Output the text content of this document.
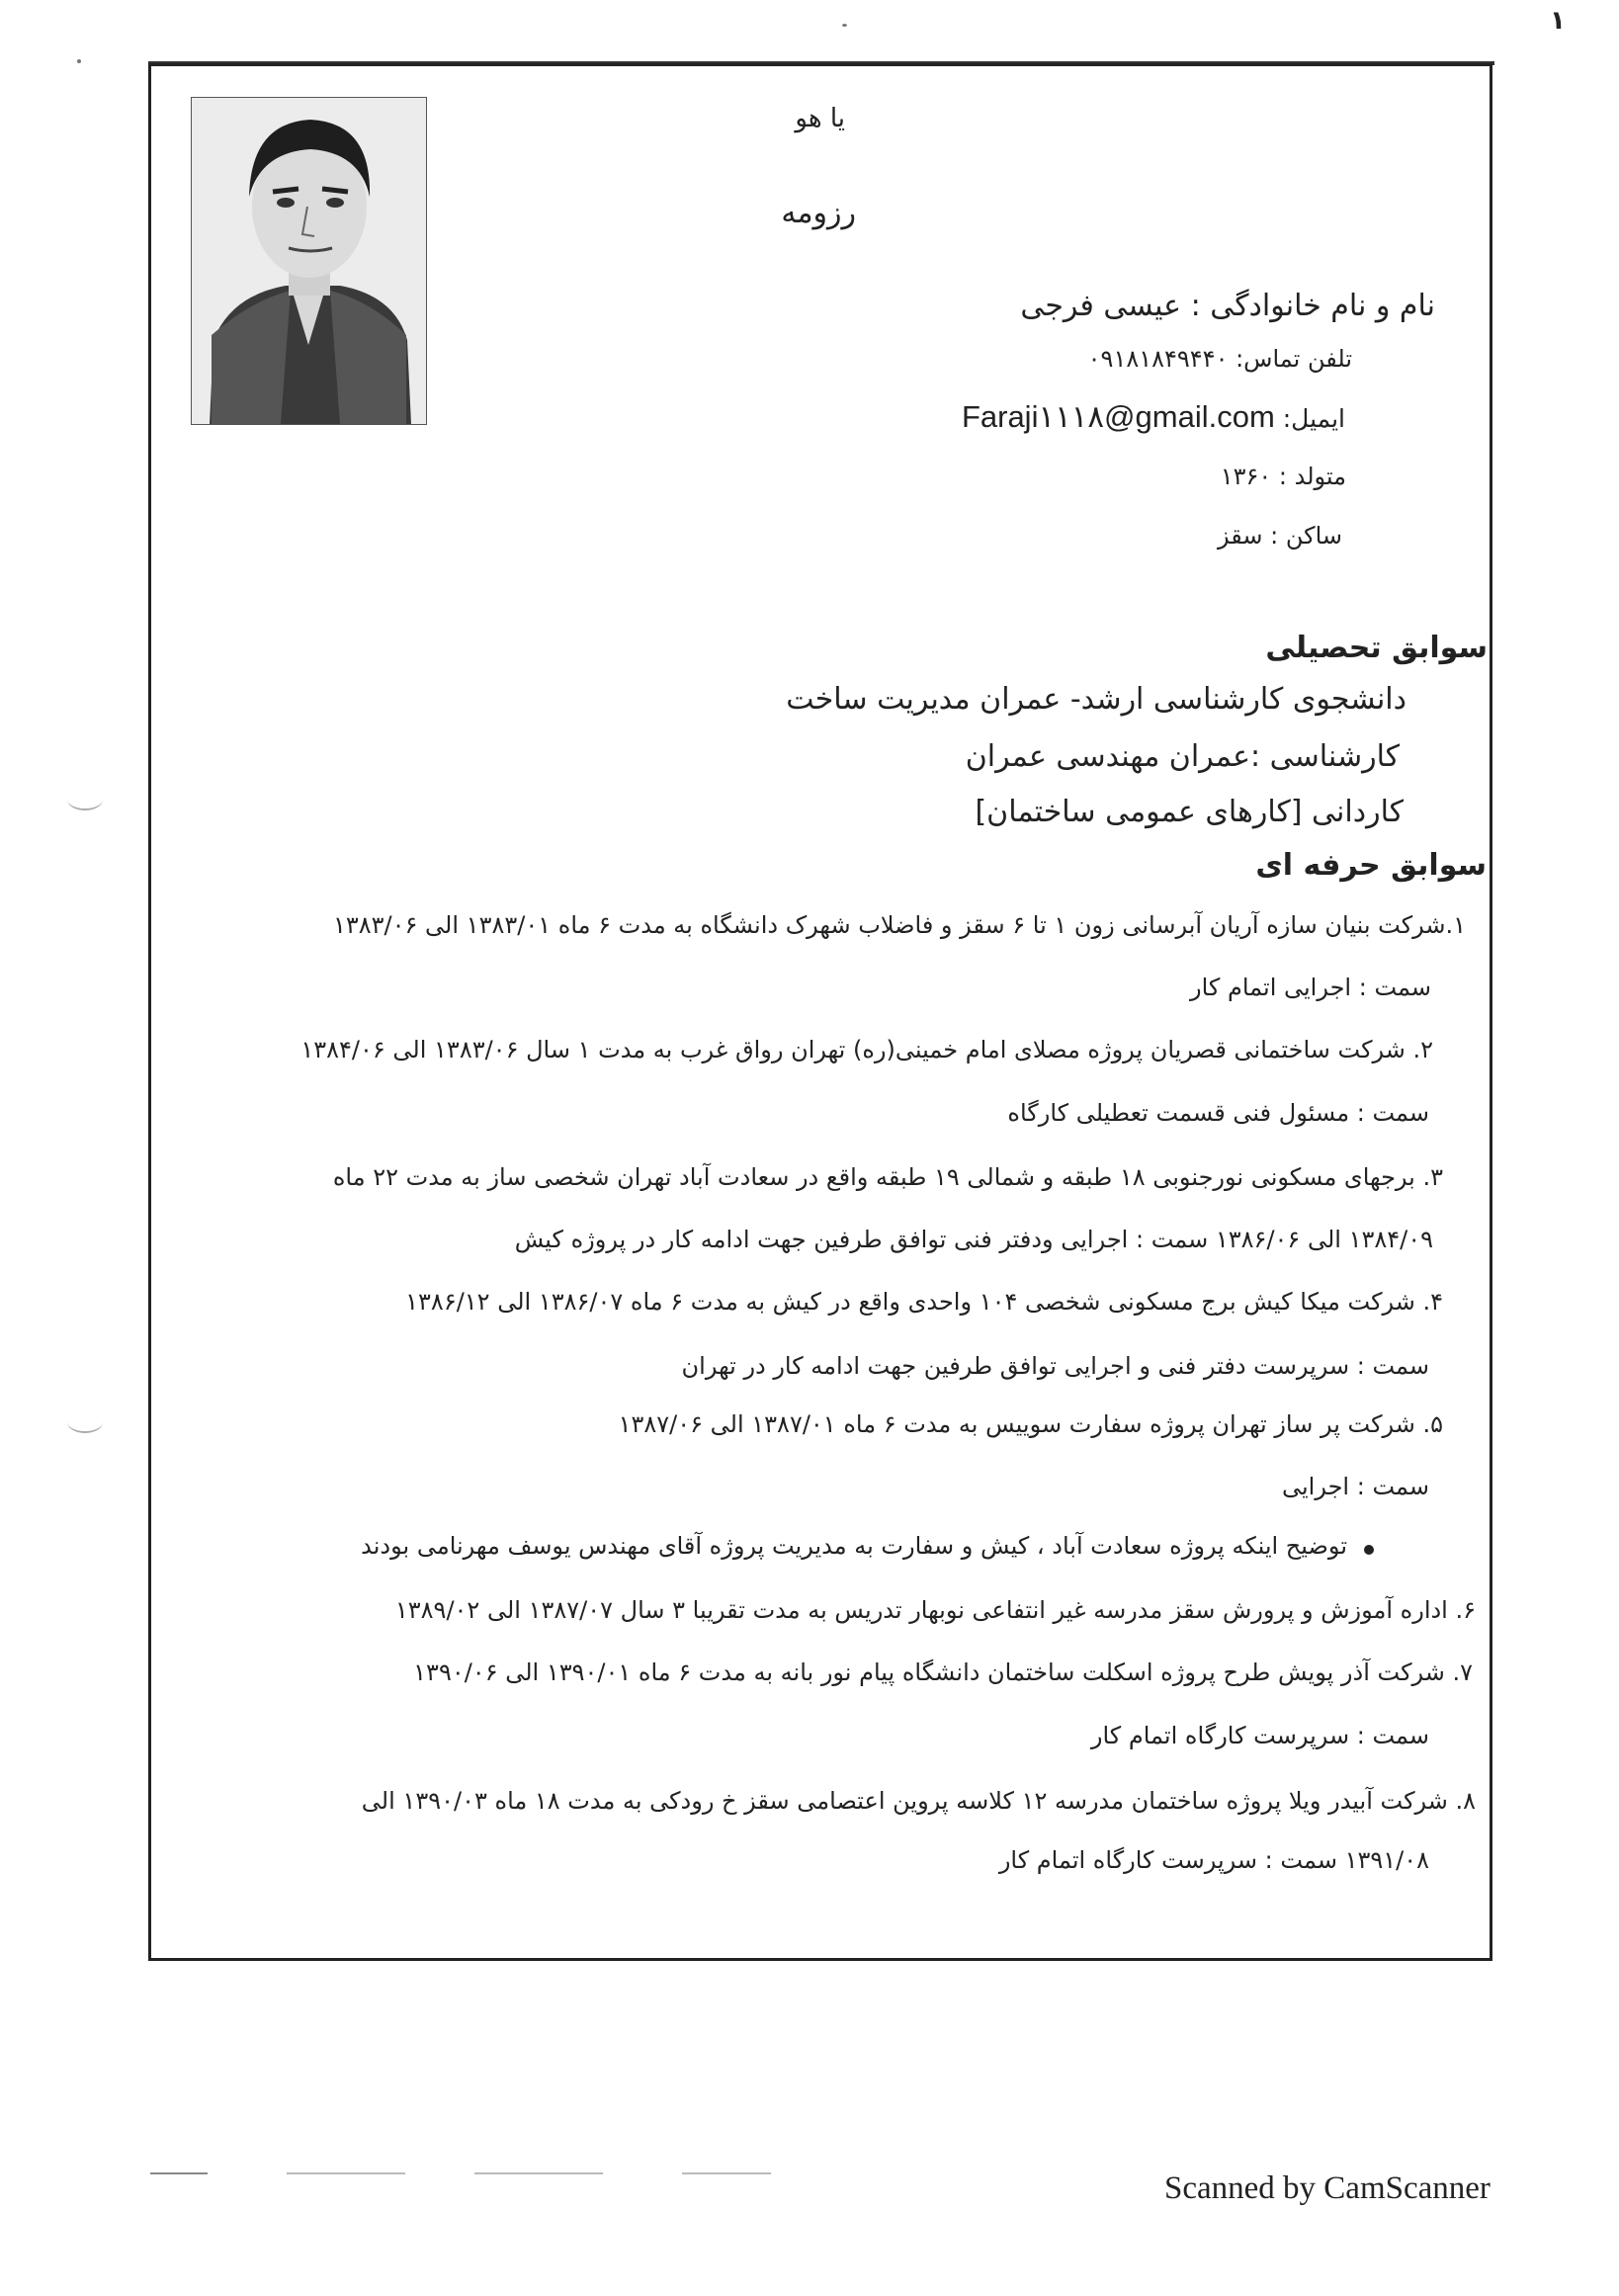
۱
یا هو
رزومه
نام و نام خانوادگی : عیسی فرجی
تلفن تماس: ۰۹۱۸۱۸۴۹۴۴۰
ایمیل: Faraji۱۱۱۸@gmail.com
متولد : ۱۳۶۰
ساکن : سقز
سوابق تحصیلی
دانشجوی کارشناسی ارشد- عمران مدیریت ساخت
کارشناسی :عمران مهندسی عمران
کاردانی [کارهای عمومی ساختمان]
سوابق حرفه ای
۱.شرکت بنیان سازه آریان آبرسانی زون ۱ تا ۶ سقز و فاضلاب شهرک دانشگاه به مدت ۶ ماه ۱۳۸۳/۰۱ الی ۱۳۸۳/۰۶
سمت : اجرایی اتمام کار
۲. شرکت ساختمانی قصریان پروژه مصلای امام خمینی(ره) تهران رواق غرب به مدت ۱ سال ۱۳۸۳/۰۶ الی ۱۳۸۴/۰۶
سمت : مسئول فنی قسمت تعطیلی کارگاه
۳. برجهای مسکونی نورجنوبی ۱۸ طبقه و شمالی ۱۹ طبقه واقع در سعادت آباد تهران شخصی ساز به مدت ۲۲ ماه
۱۳۸۴/۰۹ الی ۱۳۸۶/۰۶ سمت : اجرایی ودفتر فنی توافق طرفین جهت ادامه کار در پروژه کیش
۴. شرکت میکا کیش برج مسکونی شخصی ۱۰۴ واحدی واقع در کیش به مدت ۶ ماه ۱۳۸۶/۰۷ الی ۱۳۸۶/۱۲
سمت : سرپرست دفتر فنی و اجرایی توافق طرفین جهت ادامه کار در تهران
۵. شرکت پر ساز تهران پروژه سفارت سوییس به مدت ۶ ماه ۱۳۸۷/۰۱ الی ۱۳۸۷/۰۶
سمت : اجرایی
توضیح اینکه پروژه سعادت آباد ، کیش و سفارت به مدیریت پروژه آقای مهندس یوسف مهرنامی بودند
۶. اداره آموزش و پرورش سقز مدرسه غیر انتفاعی نوبهار تدریس به مدت تقریبا ۳ سال ۱۳۸۷/۰۷ الی ۱۳۸۹/۰۲
۷. شرکت آذر پویش طرح پروژه اسکلت ساختمان دانشگاه پیام نور بانه به مدت ۶ ماه ۱۳۹۰/۰۱ الی ۱۳۹۰/۰۶
سمت : سرپرست کارگاه اتمام کار
۸. شرکت آبیدر ویلا پروژه ساختمان مدرسه ۱۲ کلاسه پروین اعتصامی سقز خ رودکی به مدت ۱۸ ماه ۱۳۹۰/۰۳ الی
۱۳۹۱/۰۸ سمت : سرپرست کارگاه اتمام کار
Scanned by CamScanner
